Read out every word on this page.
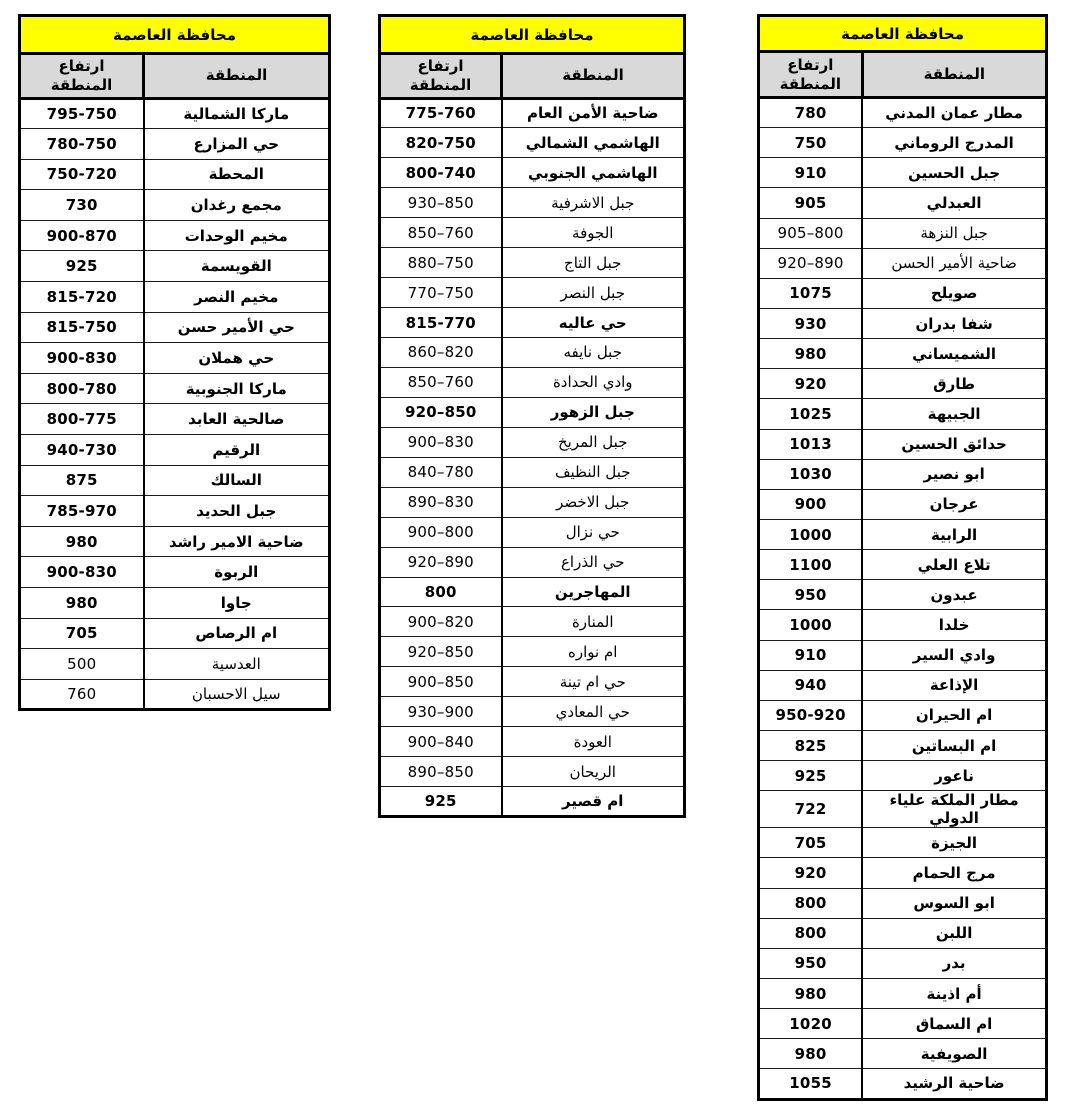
محافظة العاصمة	
المنطقة	ارتفاع المنطقة
ماركا الشمالية	795-750
حي المزارع	780-750
المحطة	750-720
مجمع رغدان	730
مخيم الوحدات	900-870
القويسمة	925
مخيم النصر	815-720
حي الأمير حسن	815-750
حي هملان	900-830
ماركا الجنوبية	800-780
صالحية العابد	800-775
الرقيم	940-730
السالك	875
جبل الحديد	785-970
ضاحية الامير راشد	980
الربوة	900-830
جاوا	980
ام الرصاص	705
العدسية	500
سيل الاحسبان	760
محافظة العاصمة	
المنطقة	ارتفاع المنطقة
ضاحية الأمن العام	775-760
الهاشمي الشمالي	820-750
الهاشمي الجنوبي	800-740
جبل الاشرفية	930–850
الجوفة	850–760
جبل التاج	880–750
جبل النصر	770–750
حي عاليه	815-770
جبل نايفه	860–820
وادي الحدادة	850–760
جبل الزهور	920–850
جبل المريخ	900–830
جبل النظيف	840–780
جبل الاخضر	890–830
حي نزال	900–800
حي الذراع	920–890
المهاجرين	800
المنارة	900–820
ام نواره	920–850
حي ام تينة	900–850
حي المعادي	930–900
العودة	900–840
الريحان	890–850
ام قصير	925
محافظة العاصمة	
المنطقة	ارتفاع المنطقة
مطار عمان المدني	780
المدرج الروماني	750
جبل الحسين	910
العبدلي	905
جبل النزهة	905–800
ضاحية الأمير الحسن	920–890
صويلح	1075
شفا بدران	930
الشميساني	980
طارق	920
الجبيهة	1025
حدائق الحسين	1013
ابو نصير	1030
عرجان	900
الرابية	1000
تلاع العلي	1100
عبدون	950
خلدا	1000
وادي السير	910
الإذاعة	940
ام الحيران	950-920
ام البساتين	825
ناعور	925
مطار الملكة علياء الدولي	722
الجيزة	705
مرج الحمام	920
ابو السوس	800
اللبن	800
بدر	950
أم اذينة	980
ام السماق	1020
الصويفية	980
ضاحية الرشيد	1055
